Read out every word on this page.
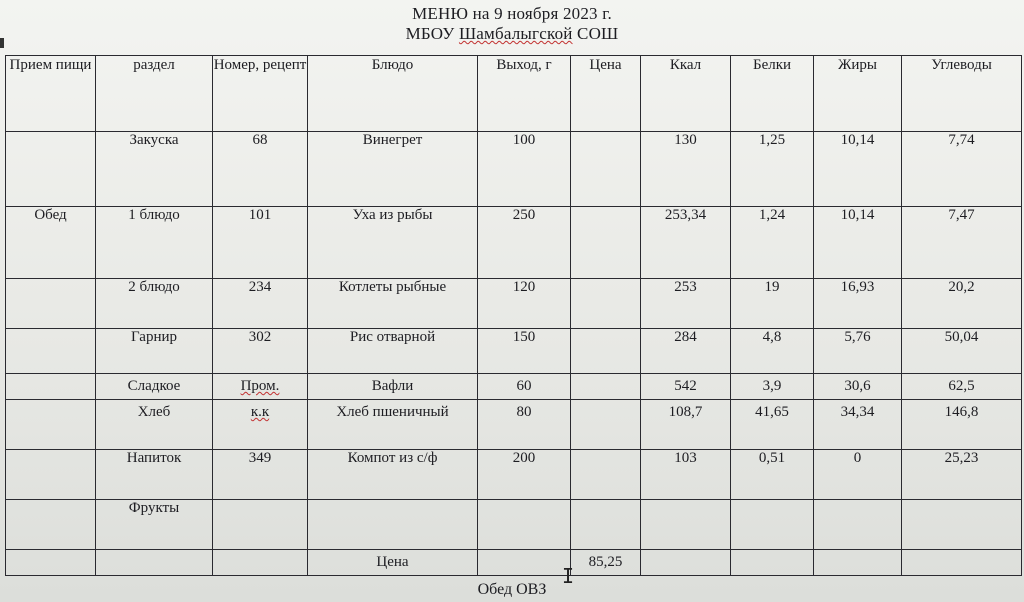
МЕНЮ на 9 ноября 2023 г.
МБОУ Шамбалыгской СОШ
Прием пищи	раздел	Номер, рецепт	Блюдо	Выход, г	Цена	Ккал	Белки	Жиры	Углеводы
	Закуска	68	Винегрет	100		130	1,25	10,14	7,74
Обед	1 блюдо	101	Уха из рыбы	250		253,34	1,24	10,14	7,47
	2 блюдо	234	Котлеты рыбные	120		253	19	16,93	20,2
	Гарнир	302	Рис отварной	150		284	4,8	5,76	50,04
	Сладкое	Пром.	Вафли	60		542	3,9	30,6	62,5
	Хлеб	к.к	Хлеб пшеничный	80		108,7	41,65	34,34	146,8
	Напиток	349	Компот из с/ф	200		103	0,51	0	25,23
	Фрукты								
			Цена		85,25				
Ι
Обед ОВЗ
